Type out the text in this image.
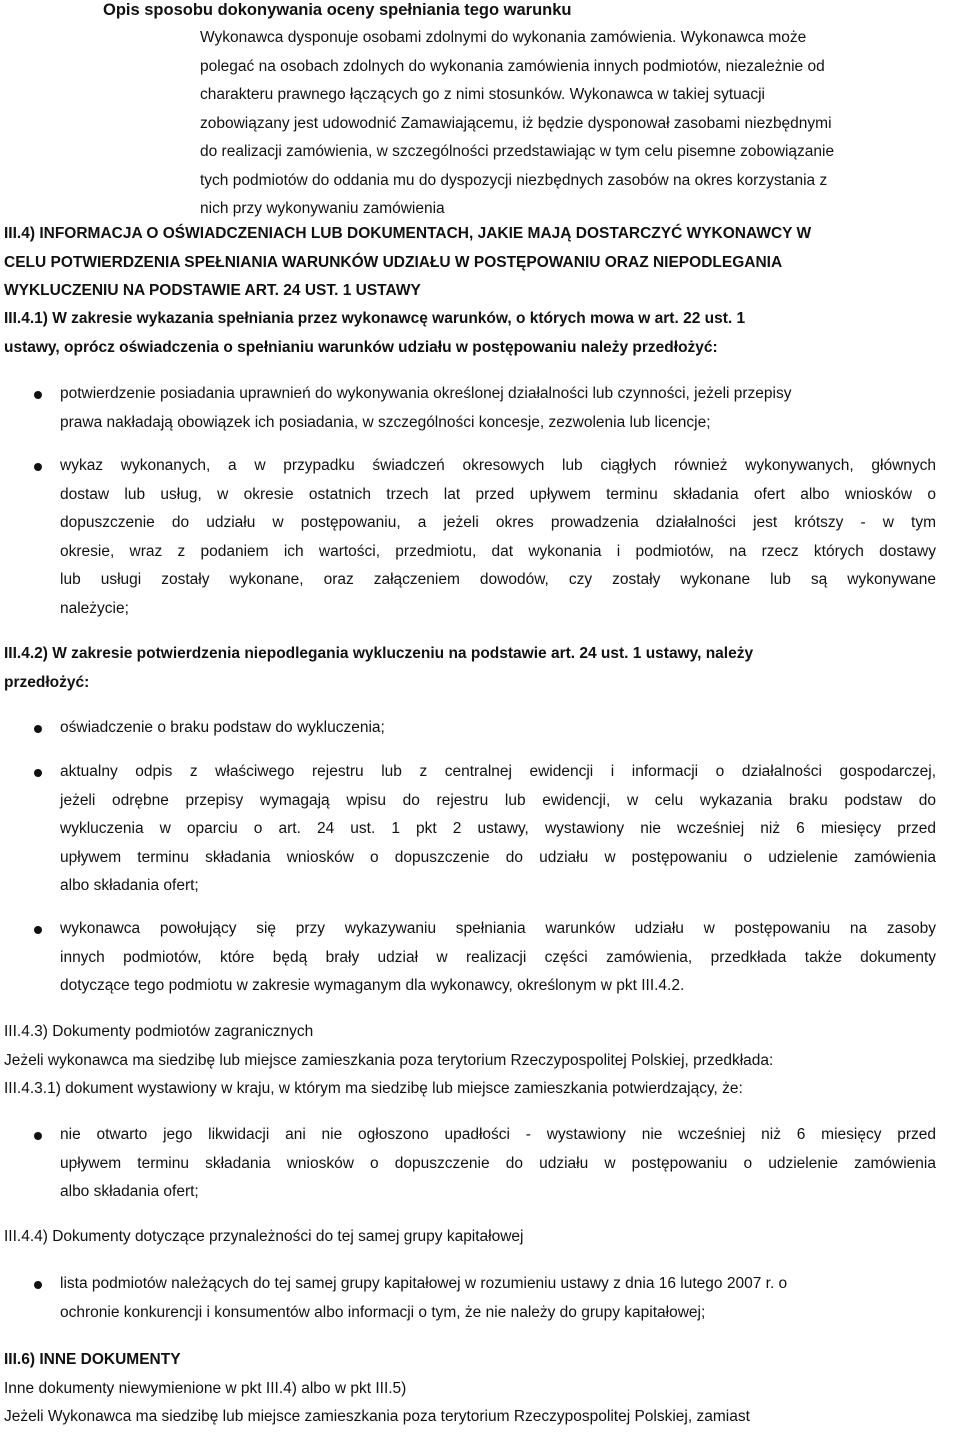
Opis sposobu dokonywania oceny spełniania tego warunku
Wykonawca dysponuje osobami zdolnymi do wykonania zamówienia. Wykonawca może
polegać na osobach zdolnych do wykonania zamówienia innych podmiotów, niezależnie od
charakteru prawnego łączących go z nimi stosunków. Wykonawca w takiej sytuacji
zobowiązany jest udowodnić Zamawiającemu, iż będzie dysponował zasobami niezbędnymi
do realizacji zamówienia, w szczególności przedstawiając w tym celu pisemne zobowiązanie
tych podmiotów do oddania mu do dyspozycji niezbędnych zasobów na okres korzystania z
nich przy wykonywaniu zamówienia
III.4) INFORMACJA O OŚWIADCZENIACH LUB DOKUMENTACH, JAKIE MAJĄ DOSTARCZYĆ WYKONAWCY W
CELU POTWIERDZENIA SPEŁNIANIA WARUNKÓW UDZIAŁU W POSTĘPOWANIU ORAZ NIEPODLEGANIA
WYKLUCZENIU NA PODSTAWIE ART. 24 UST. 1 USTAWY
III.4.1) W zakresie wykazania spełniania przez wykonawcę warunków, o których mowa w art. 22 ust. 1
ustawy, oprócz oświadczenia o spełnianiu warunków udziału w postępowaniu należy przedłożyć:
potwierdzenie posiadania uprawnień do wykonywania określonej działalności lub czynności, jeżeli przepisy
prawa nakładają obowiązek ich posiadania, w szczególności koncesje, zezwolenia lub licencje;
wykaz wykonanych, a w przypadku świadczeń okresowych lub ciągłych również wykonywanych, głównych
dostaw lub usług, w okresie ostatnich trzech lat przed upływem terminu składania ofert albo wniosków o
dopuszczenie do udziału w postępowaniu, a jeżeli okres prowadzenia działalności jest krótszy - w tym
okresie, wraz z podaniem ich wartości, przedmiotu, dat wykonania i podmiotów, na rzecz których dostawy
lub usługi zostały wykonane, oraz załączeniem dowodów, czy zostały wykonane lub są wykonywane
należycie;
III.4.2) W zakresie potwierdzenia niepodlegania wykluczeniu na podstawie art. 24 ust. 1 ustawy, należy
przedłożyć:
oświadczenie o braku podstaw do wykluczenia;
aktualny odpis z właściwego rejestru lub z centralnej ewidencji i informacji o działalności gospodarczej,
jeżeli odrębne przepisy wymagają wpisu do rejestru lub ewidencji, w celu wykazania braku podstaw do
wykluczenia w oparciu o art. 24 ust. 1 pkt 2 ustawy, wystawiony nie wcześniej niż 6 miesięcy przed
upływem terminu składania wniosków o dopuszczenie do udziału w postępowaniu o udzielenie zamówienia
albo składania ofert;
wykonawca powołujący się przy wykazywaniu spełniania warunków udziału w postępowaniu na zasoby
innych podmiotów, które będą brały udział w realizacji części zamówienia, przedkłada także dokumenty
dotyczące tego podmiotu w zakresie wymaganym dla wykonawcy, określonym w pkt III.4.2.
III.4.3) Dokumenty podmiotów zagranicznych
Jeżeli wykonawca ma siedzibę lub miejsce zamieszkania poza terytorium Rzeczypospolitej Polskiej, przedkłada:
III.4.3.1) dokument wystawiony w kraju, w którym ma siedzibę lub miejsce zamieszkania potwierdzający, że:
nie otwarto jego likwidacji ani nie ogłoszono upadłości - wystawiony nie wcześniej niż 6 miesięcy przed
upływem terminu składania wniosków o dopuszczenie do udziału w postępowaniu o udzielenie zamówienia
albo składania ofert;
III.4.4) Dokumenty dotyczące przynależności do tej samej grupy kapitałowej
lista podmiotów należących do tej samej grupy kapitałowej w rozumieniu ustawy z dnia 16 lutego 2007 r. o
ochronie konkurencji i konsumentów albo informacji o tym, że nie należy do grupy kapitałowej;
III.6) INNE DOKUMENTY
Inne dokumenty niewymienione w pkt III.4) albo w pkt III.5)
Jeżeli Wykonawca ma siedzibę lub miejsce zamieszkania poza terytorium Rzeczypospolitej Polskiej, zamiast
